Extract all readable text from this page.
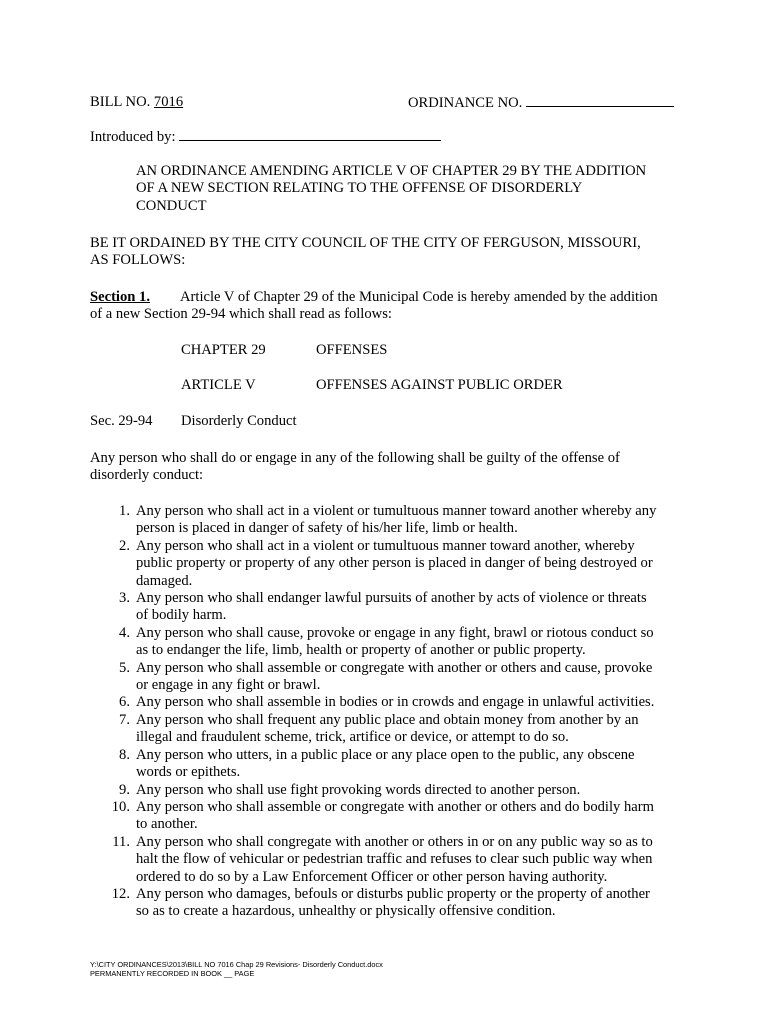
BILL NO. 7016	ORDINANCE NO.
Introduced by:
AN ORDINANCE AMENDING ARTICLE V OF CHAPTER 29 BY THE ADDITION
OF A NEW SECTION RELATING TO THE OFFENSE OF DISORDERLY
CONDUCT
BE IT ORDAINED BY THE CITY COUNCIL OF THE CITY OF FERGUSON, MISSOURI,
AS FOLLOWS:
Section 1. Article V of Chapter 29 of the Municipal Code is hereby amended by the addition
of a new Section 29-94 which shall read as follows:
CHAPTER 29	OFFENSES
ARTICLE V	OFFENSES AGAINST PUBLIC ORDER
Sec. 29-94 Disorderly Conduct
Any person who shall do or engage in any of the following shall be guilty of the offense of
disorderly conduct:
1. Any person who shall act in a violent or tumultuous manner toward another whereby any
person is placed in danger of safety of his/her life, limb or health.
2. Any person who shall act in a violent or tumultuous manner toward another, whereby
public property or property of any other person is placed in danger of being destroyed or
damaged.
3. Any person who shall endanger lawful pursuits of another by acts of violence or threats
of bodily harm.
4. Any person who shall cause, provoke or engage in any fight, brawl or riotous conduct so
as to endanger the life, limb, health or property of another or public property.
5. Any person who shall assemble or congregate with another or others and cause, provoke
or engage in any fight or brawl.
6. Any person who shall assemble in bodies or in crowds and engage in unlawful activities.
7. Any person who shall frequent any public place and obtain money from another by an
illegal and fraudulent scheme, trick, artifice or device, or attempt to do so.
8. Any person who utters, in a public place or any place open to the public, any obscene
words or epithets.
9. Any person who shall use fight provoking words directed to another person.
10. Any person who shall assemble or congregate with another or others and do bodily harm
to another.
11. Any person who shall congregate with another or others in or on any public way so as to
halt the flow of vehicular or pedestrian traffic and refuses to clear such public way when
ordered to do so by a Law Enforcement Officer or other person having authority.
12. Any person who damages, befouls or disturbs public property or the property of another
so as to create a hazardous, unhealthy or physically offensive condition.
Y:\CITY ORDINANCES\2013\BILL NO 7016 Chap 29 Revisions- Disorderly Conduct.docx
PERMANENTLY RECORDED IN BOOK __ PAGE
